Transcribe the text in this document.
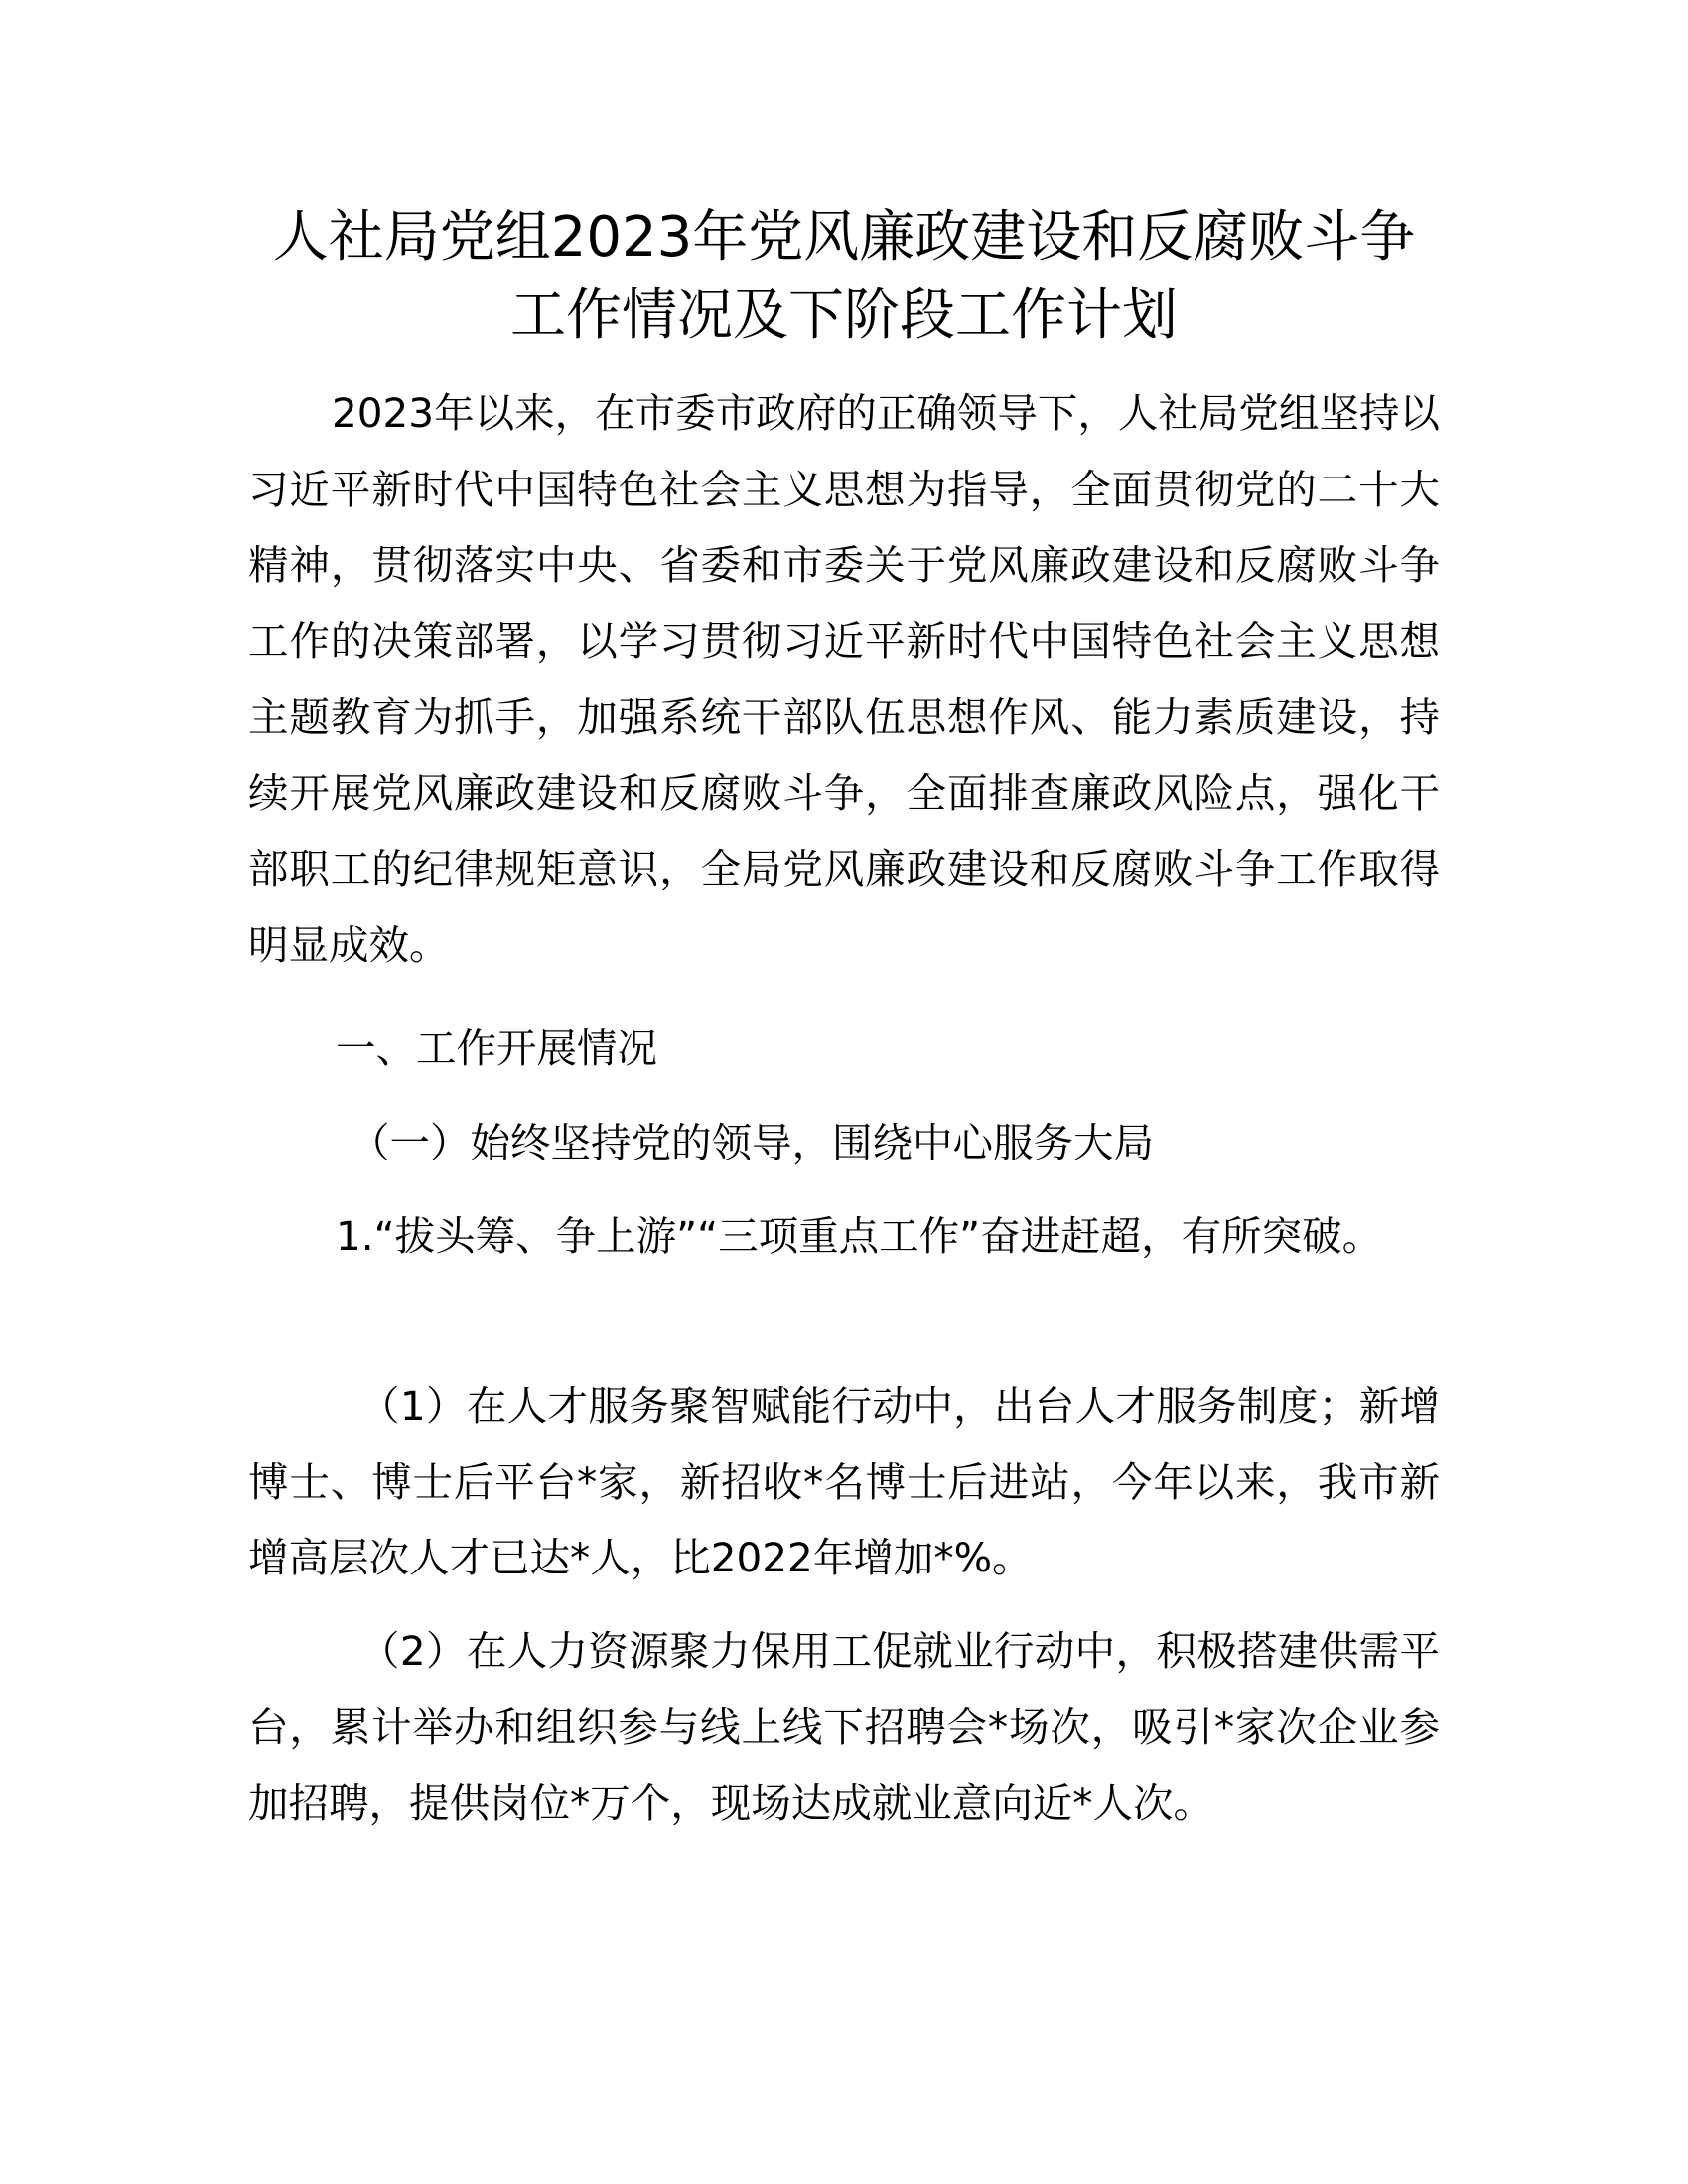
人社局党组2023年党风廉政建设和反腐败斗争
工作情况及下阶段工作计划

2023年以来，在市委市政府的正确领导下，人社局党组坚持以习近平新时代中国特色社会主义思想为指导，全面贯彻党的二十大精神，贯彻落实中央、省委和市委关于党风廉政建设和反腐败斗争工作的决策部署，以学习贯彻习近平新时代中国特色社会主义思想主题教育为抓手，加强系统干部队伍思想作风、能力素质建设，持续开展党风廉政建设和反腐败斗争，全面排查廉政风险点，强化干部职工的纪律规矩意识，全局党风廉政建设和反腐败斗争工作取得明显成效。

一、工作开展情况

（一）始终坚持党的领导，围绕中心服务大局

1.“拔头筹、争上游”“三项重点工作”奋进赶超，有所突破。

（1）在人才服务聚智赋能行动中，出台人才服务制度；新增博士、博士后平台*家，新招收*名博士后进站，今年以来，我市新增高层次人才已达*人，比2022年增加*%。

（2）在人力资源聚力保用工促就业行动中，积极搭建供需平台，累计举办和组织参与线上线下招聘会*场次，吸引*家次企业参加招聘，提供岗位*万个，现场达成就业意向近*人次。
